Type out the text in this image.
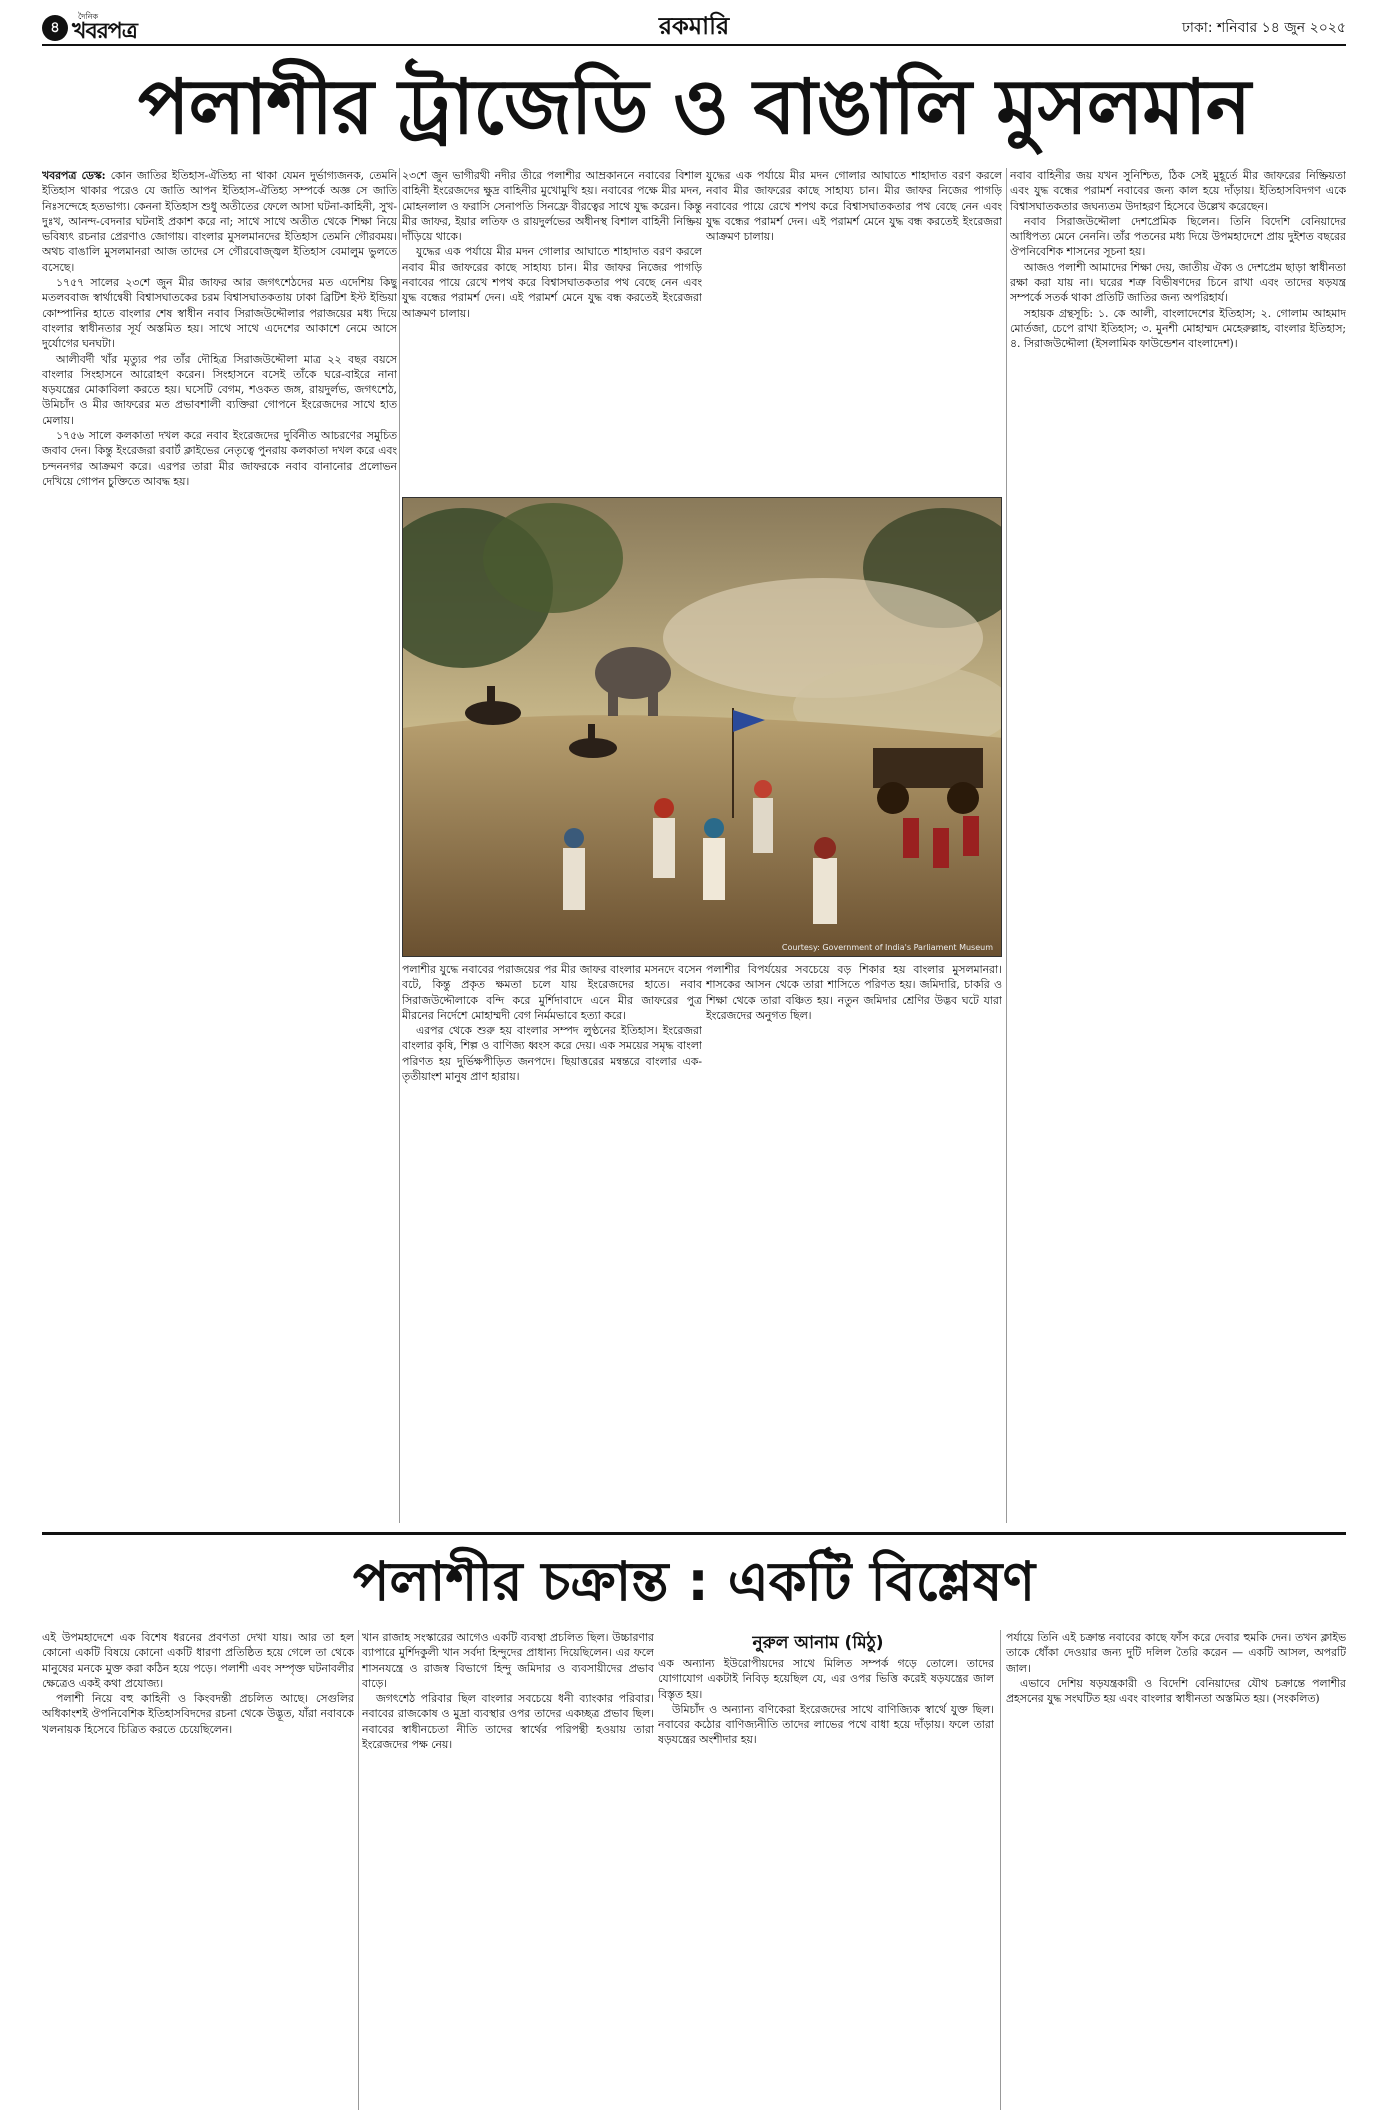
৪
দৈনিক
খবরপত্র	রকমারি	ঢাকা: শনিবার ১৪ জুন ২০২৫
পলাশীর ট্রাজেডি ও বাঙালি মুসলমান

খবরপত্র ডেস্ক: কোন জাতির ইতিহাস-ঐতিহ্য না থাকা যেমন দুর্ভাগ্যজনক, তেমনি ইতিহাস থাকার পরেও যে জাতি আপন ইতিহাস-ঐতিহ্য সম্পর্কে অজ্ঞ সে জাতি নিঃসন্দেহে হতভাগ্য। কেননা ইতিহাস শুধু অতীতের ফেলে আসা ঘটনা-কাহিনী, সুখ-দুঃখ, আনন্দ-বেদনার ঘটনাই প্রকাশ করে না; সাথে সাথে অতীত থেকে শিক্ষা নিয়ে ভবিষ্যৎ রচনার প্রেরণাও জোগায়। বাংলার মুসলমানদের ইতিহাস তেমনি গৌরবময়। অথচ বাঙালি মুসলমানরা আজ তাদের সে গৌরবোজ্জ্বল ইতিহাস বেমালুম ভুলতে বসেছে।

১৭৫৭ সালের ২৩শে জুন মীর জাফর আর জগৎশেঠদের মত এদেশিয় কিছু মতলববাজ স্বার্থান্বেষী বিশ্বাসঘাতকের চরম বিশ্বাসঘাতকতায় ঢাকা ব্রিটিশ ইস্ট ইন্ডিয়া কোম্পানির হাতে বাংলার শেষ স্বাধীন নবাব সিরাজউদ্দৌলার পরাজয়ের মধ্য দিয়ে বাংলার স্বাধীনতার সূর্য অস্তমিত হয়। সাথে সাথে এদেশের আকাশে নেমে আসে দুর্যোগের ঘনঘটা।

আলীবর্দী খাঁর মৃত্যুর পর তাঁর দৌহিত্র সিরাজউদ্দৌলা মাত্র ২২ বছর বয়সে বাংলার সিংহাসনে আরোহণ করেন। সিংহাসনে বসেই তাঁকে ঘরে-বাইরে নানা ষড়যন্ত্রের মোকাবিলা করতে হয়। ঘসেটি বেগম, শওকত জঙ্গ, রায়দুর্লভ, জগৎশেঠ, উমিচাঁদ ও মীর জাফরের মত প্রভাবশালী ব্যক্তিরা গোপনে ইংরেজদের সাথে হাত মেলায়।

১৭৫৬ সালে কলকাতা দখল করে নবাব ইংরেজদের দুর্বিনীত আচরণের সমুচিত জবাব দেন। কিন্তু ইংরেজরা রবার্ট ক্লাইভের নেতৃত্বে পুনরায় কলকাতা দখল করে এবং চন্দননগর আক্রমণ করে। এরপর তারা মীর জাফরকে নবাব বানানোর প্রলোভন দেখিয়ে গোপন চুক্তিতে আবদ্ধ হয়।

২৩শে জুন ভাগীরথী নদীর তীরে পলাশীর আম্রকাননে নবাবের বিশাল বাহিনী ইংরেজদের ক্ষুদ্র বাহিনীর মুখোমুখি হয়। নবাবের পক্ষে মীর মদন, মোহনলাল ও ফরাসি সেনাপতি সিনফ্রে বীরত্বের সাথে যুদ্ধ করেন। কিন্তু মীর জাফর, ইয়ার লতিফ ও রায়দুর্লভের অধীনস্থ বিশাল বাহিনী নিষ্ক্রিয় দাঁড়িয়ে থাকে।

যুদ্ধের এক পর্যায়ে মীর মদন গোলার আঘাতে শাহাদাত বরণ করলে নবাব মীর জাফরের কাছে সাহায্য চান। মীর জাফর নিজের পাগড়ি নবাবের পায়ে রেখে শপথ করে বিশ্বাসঘাতকতার পথ বেছে নেন এবং যুদ্ধ বন্ধের পরামর্শ দেন। এই পরামর্শ মেনে যুদ্ধ বন্ধ করতেই ইংরেজরা আক্রমণ চালায়।

যুদ্ধের এক পর্যায়ে মীর মদন গোলার আঘাতে শাহাদাত বরণ করলে নবাব মীর জাফরের কাছে সাহায্য চান। মীর জাফর নিজের পাগড়ি নবাবের পায়ে রেখে শপথ করে বিশ্বাসঘাতকতার পথ বেছে নেন এবং যুদ্ধ বন্ধের পরামর্শ দেন। এই পরামর্শ মেনে যুদ্ধ বন্ধ করতেই ইংরেজরা আক্রমণ চালায়।

Courtesy: Government of India's Parliament Museum

পলাশীর যুদ্ধে নবাবের পরাজয়ের পর মীর জাফর বাংলার মসনদে বসেন বটে, কিন্তু প্রকৃত ক্ষমতা চলে যায় ইংরেজদের হাতে। নবাব সিরাজউদ্দৌলাকে বন্দি করে মুর্শিদাবাদে এনে মীর জাফরের পুত্র মীরনের নির্দেশে মোহাম্মদী বেগ নির্মমভাবে হত্যা করে।

এরপর থেকে শুরু হয় বাংলার সম্পদ লুণ্ঠনের ইতিহাস। ইংরেজরা বাংলার কৃষি, শিল্প ও বাণিজ্য ধ্বংস করে দেয়। এক সময়ের সমৃদ্ধ বাংলা পরিণত হয় দুর্ভিক্ষপীড়িত জনপদে। ছিয়াত্তরের মন্বন্তরে বাংলার এক-তৃতীয়াংশ মানুষ প্রাণ হারায়।

পলাশীর বিপর্যয়ের সবচেয়ে বড় শিকার হয় বাংলার মুসলমানরা। শাসকের আসন থেকে তারা শাসিতে পরিণত হয়। জমিদারি, চাকরি ও শিক্ষা থেকে তারা বঞ্চিত হয়। নতুন জমিদার শ্রেণির উদ্ভব ঘটে যারা ইংরেজদের অনুগত ছিল।

নবাব বাহিনীর জয় যখন সুনিশ্চিত, ঠিক সেই মুহূর্তে মীর জাফরের নিষ্ক্রিয়তা এবং যুদ্ধ বন্ধের পরামর্শ নবাবের জন্য কাল হয়ে দাঁড়ায়। ইতিহাসবিদগণ একে বিশ্বাসঘাতকতার জঘন্যতম উদাহরণ হিসেবে উল্লেখ করেছেন।

নবাব সিরাজউদ্দৌলা দেশপ্রেমিক ছিলেন। তিনি বিদেশি বেনিয়াদের আধিপত্য মেনে নেননি। তাঁর পতনের মধ্য দিয়ে উপমহাদেশে প্রায় দুইশত বছরের ঔপনিবেশিক শাসনের সূচনা হয়।

আজও পলাশী আমাদের শিক্ষা দেয়, জাতীয় ঐক্য ও দেশপ্রেম ছাড়া স্বাধীনতা রক্ষা করা যায় না। ঘরের শত্রু বিভীষণদের চিনে রাখা এবং তাদের ষড়যন্ত্র সম্পর্কে সতর্ক থাকা প্রতিটি জাতির জন্য অপরিহার্য।

সহায়ক গ্রন্থসূচি: ১. কে আলী, বাংলাদেশের ইতিহাস; ২. গোলাম আহমাদ মোর্তজা, চেপে রাখা ইতিহাস; ৩. মুনশী মোহাম্মদ মেহেরুল্লাহ, বাংলার ইতিহাস; ৪. সিরাজউদ্দৌলা (ইসলামিক ফাউন্ডেশন বাংলাদেশ)।

পলাশীর চক্রান্ত : একটি বিশ্লেষণ

এই উপমহাদেশে এক বিশেষ ধরনের প্রবণতা দেখা যায়। আর তা হল কোনো একটি বিষয়ে কোনো একটি ধারণা প্রতিষ্ঠিত হয়ে গেলে তা থেকে মানুষের মনকে মুক্ত করা কঠিন হয়ে পড়ে। পলাশী এবং সম্পৃক্ত ঘটনাবলীর ক্ষেত্রেও একই কথা প্রযোজ্য।

পলাশী নিয়ে বহু কাহিনী ও কিংবদন্তী প্রচলিত আছে। সেগুলির অধিকাংশই ঔপনিবেশিক ইতিহাসবিদদের রচনা থেকে উদ্ভূত, যাঁরা নবাবকে খলনায়ক হিসেবে চিত্রিত করতে চেয়েছিলেন।

খান রাজাহ সংস্কারের আগেও একটি ব্যবস্থা প্রচলিত ছিল। উচ্চারণার ব্যাপারে মুর্শিদকুলী খান সর্বদা হিন্দুদের প্রাধান্য দিয়েছিলেন। এর ফলে শাসনযন্ত্রে ও রাজস্ব বিভাগে হিন্দু জমিদার ও ব্যবসায়ীদের প্রভাব বাড়ে।

জগৎশেঠ পরিবার ছিল বাংলার সবচেয়ে ধনী ব্যাংকার পরিবার। নবাবের রাজকোষ ও মুদ্রা ব্যবস্থার ওপর তাদের একচ্ছত্র প্রভাব ছিল। নবাবের স্বাধীনচেতা নীতি তাদের স্বার্থের পরিপন্থী হওয়ায় তারা ইংরেজদের পক্ষ নেয়।

নুরুল আনাম (মিঠু)

এক অন্যান্য ইউরোপীয়দের সাথে মিলিত সম্পর্ক গড়ে তোলে। তাদের যোগাযোগ একটাই নিবিড় হয়েছিল যে, এর ওপর ভিত্তি করেই ষড়যন্ত্রের জাল বিস্তৃত হয়।

উমিচাঁদ ও অন্যান্য বণিকেরা ইংরেজদের সাথে বাণিজ্যিক স্বার্থে যুক্ত ছিল। নবাবের কঠোর বাণিজ্যনীতি তাদের লাভের পথে বাধা হয়ে দাঁড়ায়। ফলে তারা ষড়যন্ত্রের অংশীদার হয়।

পর্যায়ে তিনি এই চক্রান্ত নবাবের কাছে ফাঁস করে দেবার হুমকি দেন। তখন ক্লাইভ তাকে ধোঁকা দেওয়ার জন্য দুটি দলিল তৈরি করেন — একটি আসল, অপরটি জাল।

এভাবে দেশিয় ষড়যন্ত্রকারী ও বিদেশি বেনিয়াদের যৌথ চক্রান্তে পলাশীর প্রহসনের যুদ্ধ সংঘটিত হয় এবং বাংলার স্বাধীনতা অস্তমিত হয়। (সংকলিত)
